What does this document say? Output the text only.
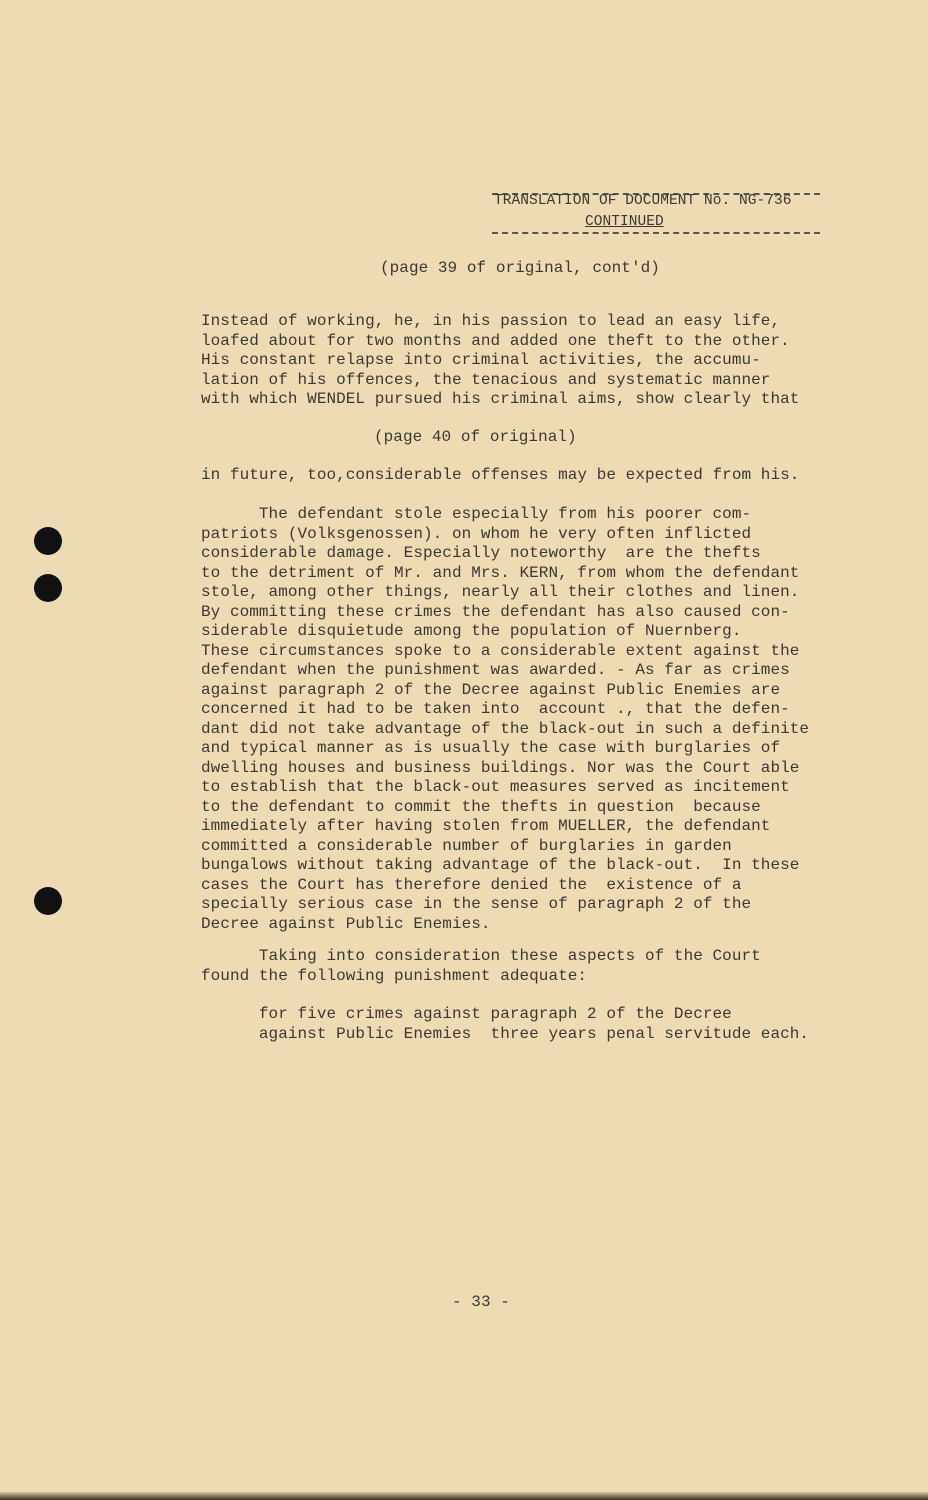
TRANSLATION OF DOCUMENT No. NG-736
CONTINUED
(page 39 of original, cont'd)
Instead of working, he, in his passion to lead an easy life,
loafed about for two months and added one theft to the other.
His constant relapse into criminal activities, the accumu-
lation of his offences, the tenacious and systematic manner
with which WENDEL pursued his criminal aims, show clearly that
(page 40 of original)
in future, too,considerable offenses may be expected from his.
The defendant stole especially from his poorer com-
patriots (Volksgenossen). on whom he very often inflicted
considerable damage. Especially noteworthy  are the thefts
to the detriment of Mr. and Mrs. KERN, from whom the defendant
stole, among other things, nearly all their clothes and linen.
By committing these crimes the defendant has also caused con-
siderable disquietude among the population of Nuernberg.
These circumstances spoke to a considerable extent against the
defendant when the punishment was awarded. - As far as crimes
against paragraph 2 of the Decree against Public Enemies are
concerned it had to be taken into  account ., that the defen-
dant did not take advantage of the black-out in such a definite
and typical manner as is usually the case with burglaries of
dwelling houses and business buildings. Nor was the Court able
to establish that the black-out measures served as incitement
to the defendant to commit the thefts in question  because
immediately after having stolen from MUELLER, the defendant
committed a considerable number of burglaries in garden
bungalows without taking advantage of the black-out.  In these
cases the Court has therefore denied the  existence of a
specially serious case in the sense of paragraph 2 of the
Decree against Public Enemies.
Taking into consideration these aspects of the Court
found the following punishment adequate:
for five crimes against paragraph 2 of the Decree
against Public Enemies  three years penal servitude each.
- 33 -
